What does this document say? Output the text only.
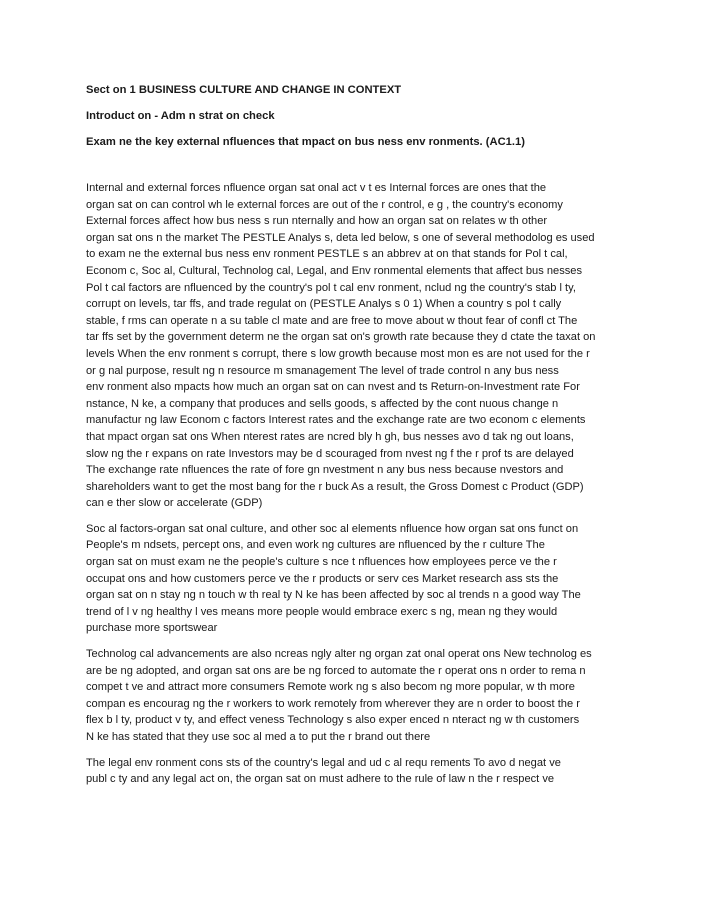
Sect on 1 BUSINESS CULTURE AND CHANGE IN CONTEXT

Introduct on - Adm n strat on check

Exam ne the key external nfluences that mpact on bus ness env ronments. (AC1.1)

Internal and external forces nfluence organ sat onal act v t es Internal forces are ones that the
organ sat on can control wh le external forces are out of the r control, e g , the country's economy
External forces affect how bus ness s run nternally and how an organ sat on relates w th other
organ sat ons n the market The PESTLE Analys s, deta led below, s one of several methodolog es used
to exam ne the external bus ness env ronment PESTLE s an abbrev at on that stands for Pol t cal,
Econom c, Soc al, Cultural, Technolog cal, Legal, and Env ronmental elements that affect bus nesses
Pol t cal factors are nfluenced by the country's pol t cal env ronment, nclud ng the country's stab l ty,
corrupt on levels, tar ffs, and trade regulat on (PESTLE Analys s 0 1) When a country s pol t cally
stable, f rms can operate n a su table cl mate and are free to move about w thout fear of confl ct The
tar ffs set by the government determ ne the organ sat on's growth rate because they d ctate the taxat on
levels When the env ronment s corrupt, there s low growth because most mon es are not used for the r
or g nal purpose, result ng n resource m smanagement The level of trade control n any bus ness
env ronment also mpacts how much an organ sat on can nvest and ts Return-on-Investment rate For
nstance, N ke, a company that produces and sells goods, s affected by the cont nuous change n
manufactur ng law Econom c factors Interest rates and the exchange rate are two econom c elements
that mpact organ sat ons When nterest rates are ncred bly h gh, bus nesses avo d tak ng out loans,
slow ng the r expans on rate Investors may be d scouraged from nvest ng f the r prof ts are delayed
The exchange rate nfluences the rate of fore gn nvestment n any bus ness because nvestors and
shareholders want to get the most bang for the r buck As a result, the Gross Domest c Product (GDP)
can e ther slow or accelerate (GDP)
Soc al factors-organ sat onal culture, and other soc al elements nfluence how organ sat ons funct on
People's m ndsets, percept ons, and even work ng cultures are nfluenced by the r culture The
organ sat on must exam ne the people's culture s nce t nfluences how employees perce ve the r
occupat ons and how customers perce ve the r products or serv ces Market research ass sts the
organ sat on n stay ng n touch w th real ty N ke has been affected by soc al trends n a good way The
trend of l v ng healthy l ves means more people would embrace exerc s ng, mean ng they would
purchase more sportswear
Technolog cal advancements are also ncreas ngly alter ng organ zat onal operat ons New technolog es
are be ng adopted, and organ sat ons are be ng forced to automate the r operat ons n order to rema n
compet t ve and attract more consumers Remote work ng s also becom ng more popular, w th more
compan es encourag ng the r workers to work remotely from wherever they are n order to boost the r
flex b l ty, product v ty, and effect veness Technology s also exper enced n nteract ng w th customers
N ke has stated that they use soc al med a to put the r brand out there
The legal env ronment cons sts of the country's legal and ud c al requ rements To avo d negat ve
publ c ty and any legal act on, the organ sat on must adhere to the rule of law n the r respect ve
